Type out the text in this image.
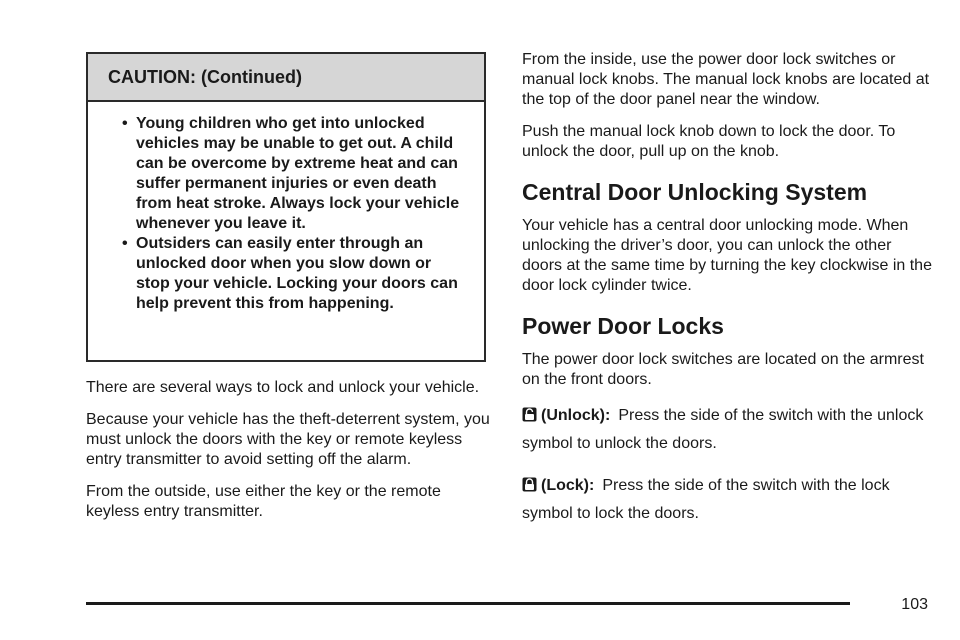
CAUTION: (Continued)
• Young children who get into unlocked vehicles may be unable to get out. A child can be overcome by extreme heat and can suffer permanent injuries or even death from heat stroke. Always lock your vehicle whenever you leave it.
• Outsiders can easily enter through an unlocked door when you slow down or stop your vehicle. Locking your doors can help prevent this from happening.

There are several ways to lock and unlock your vehicle.

Because your vehicle has the theft-deterrent system, you must unlock the doors with the key or remote keyless entry transmitter to avoid setting off the alarm.

From the outside, use either the key or the remote keyless entry transmitter.

From the inside, use the power door lock switches or manual lock knobs. The manual lock knobs are located at the top of the door panel near the window.

Push the manual lock knob down to lock the door. To unlock the door, pull up on the knob.

Central Door Unlocking System

Your vehicle has a central door unlocking mode. When unlocking the driver’s door, you can unlock the other doors at the same time by turning the key clockwise in the door lock cylinder twice.

Power Door Locks

The power door lock switches are located on the armrest on the front doors.

(Unlock): Press the side of the switch with the unlock symbol to unlock the doors.
(Lock): Press the side of the switch with the lock symbol to lock the doors.
103
